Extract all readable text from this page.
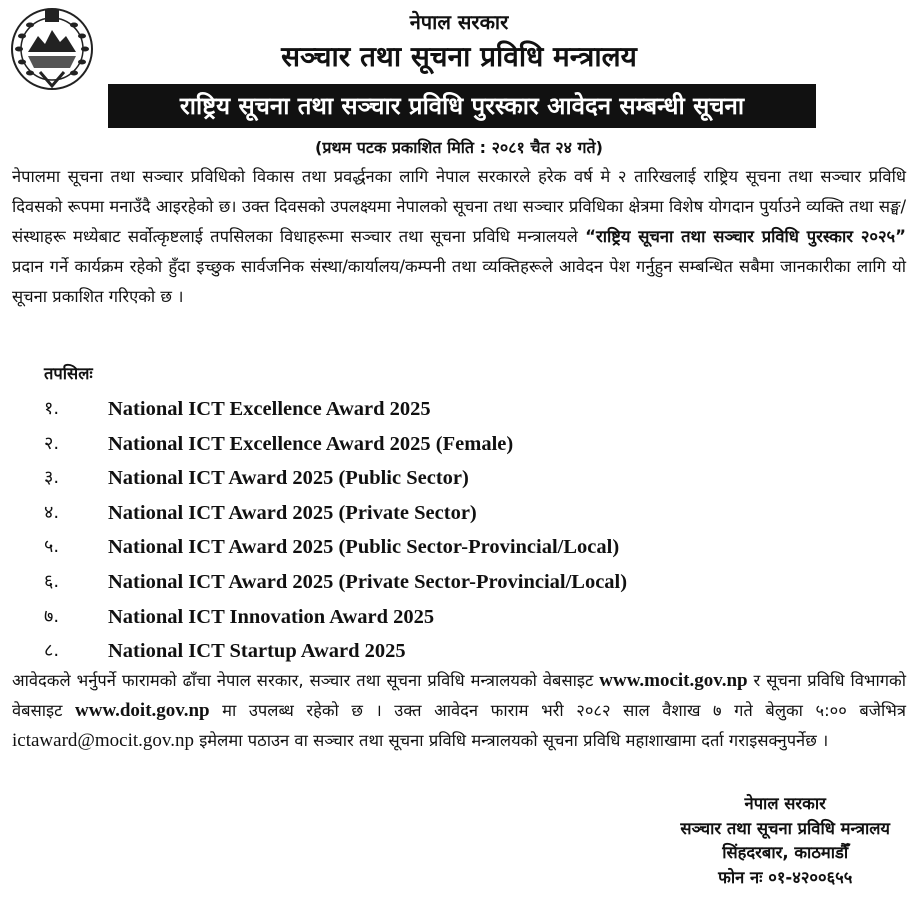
नेपाल सरकार
सञ्चार तथा सूचना प्रविधि मन्त्रालय
राष्ट्रिय सूचना तथा सञ्चार प्रविधि पुरस्कार आवेदन सम्बन्धी सूचना
(प्रथम पटक प्रकाशित मिति : २०८१ चैत २४ गते)

नेपालमा सूचना तथा सञ्चार प्रविधिको विकास तथा प्रवर्द्धनका लागि नेपाल सरकारले हरेक वर्ष मे २ तारिखलाई राष्ट्रिय सूचना तथा सञ्चार प्रविधि दिवसको रूपमा मनाउँदै आइरहेको छ। उक्त दिवसको उपलक्ष्यमा नेपालको सूचना तथा सञ्चार प्रविधिका क्षेत्रमा विशेष योगदान पुर्याउने व्यक्ति तथा सङ्घ/संस्थाहरू मध्येबाट सर्वोत्कृष्टलाई तपसिलका विधाहरूमा सञ्चार तथा सूचना प्रविधि मन्त्रालयले “राष्ट्रिय सूचना तथा सञ्चार प्रविधि पुरस्कार २०२५” प्रदान गर्ने कार्यक्रम रहेको हुँदा इच्छुक सार्वजनिक संस्था/कार्यालय/कम्पनी तथा व्यक्तिहरूले आवेदन पेश गर्नुहुन सम्बन्धित सबैमा जानकारीका लागि यो सूचना प्रकाशित गरिएको छ ।

तपसिलः
१. National ICT Excellence Award 2025
२. National ICT Excellence Award 2025 (Female)
३. National ICT Award 2025 (Public Sector)
४. National ICT Award 2025 (Private Sector)
५. National ICT Award 2025 (Public Sector-Provincial/Local)
६. National ICT Award 2025 (Private Sector-Provincial/Local)
७. National ICT Innovation Award 2025
८. National ICT Startup Award 2025

आवेदकले भर्नुपर्ने फारामको ढाँचा नेपाल सरकार, सञ्चार तथा सूचना प्रविधि मन्त्रालयको वेबसाइट www.mocit.gov.np र सूचना प्रविधि विभागको वेबसाइट www.doit.gov.np मा उपलब्ध रहेको छ । उक्त आवेदन फाराम भरी २०८२ साल वैशाख ७ गते बेलुका ५:०० बजेभित्र ictaward@mocit.gov.np इमेलमा पठाउन वा सञ्चार तथा सूचना प्रविधि मन्त्रालयको सूचना प्रविधि महाशाखामा दर्ता गराइसक्नुपर्नेछ ।

नेपाल सरकार
सञ्चार तथा सूचना प्रविधि मन्त्रालय
सिंहदरबार, काठमाडौँ
फोन नः ०१-४२००६५५
